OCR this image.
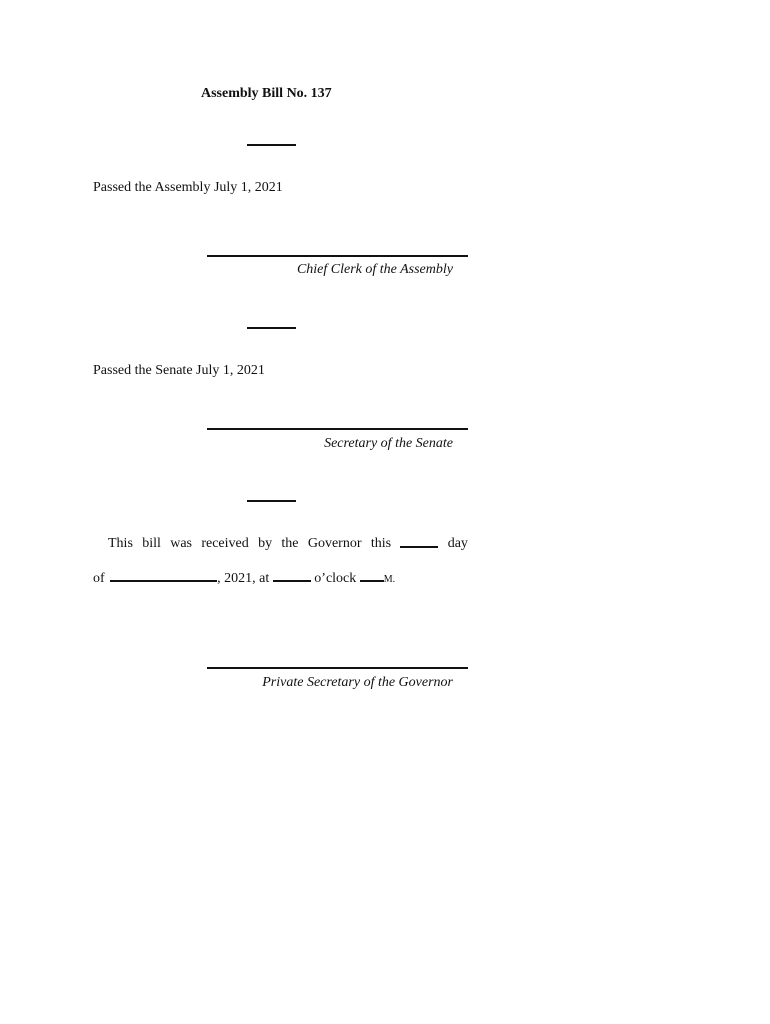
Assembly Bill No. 137
Passed the Assembly July 1, 2021
Chief Clerk of the Assembly
Passed the Senate July 1, 2021
Secretary of the Senate
This bill was received by the Governor this	day
of	, 2021, at	o’clock	M.
Private Secretary of the Governor
